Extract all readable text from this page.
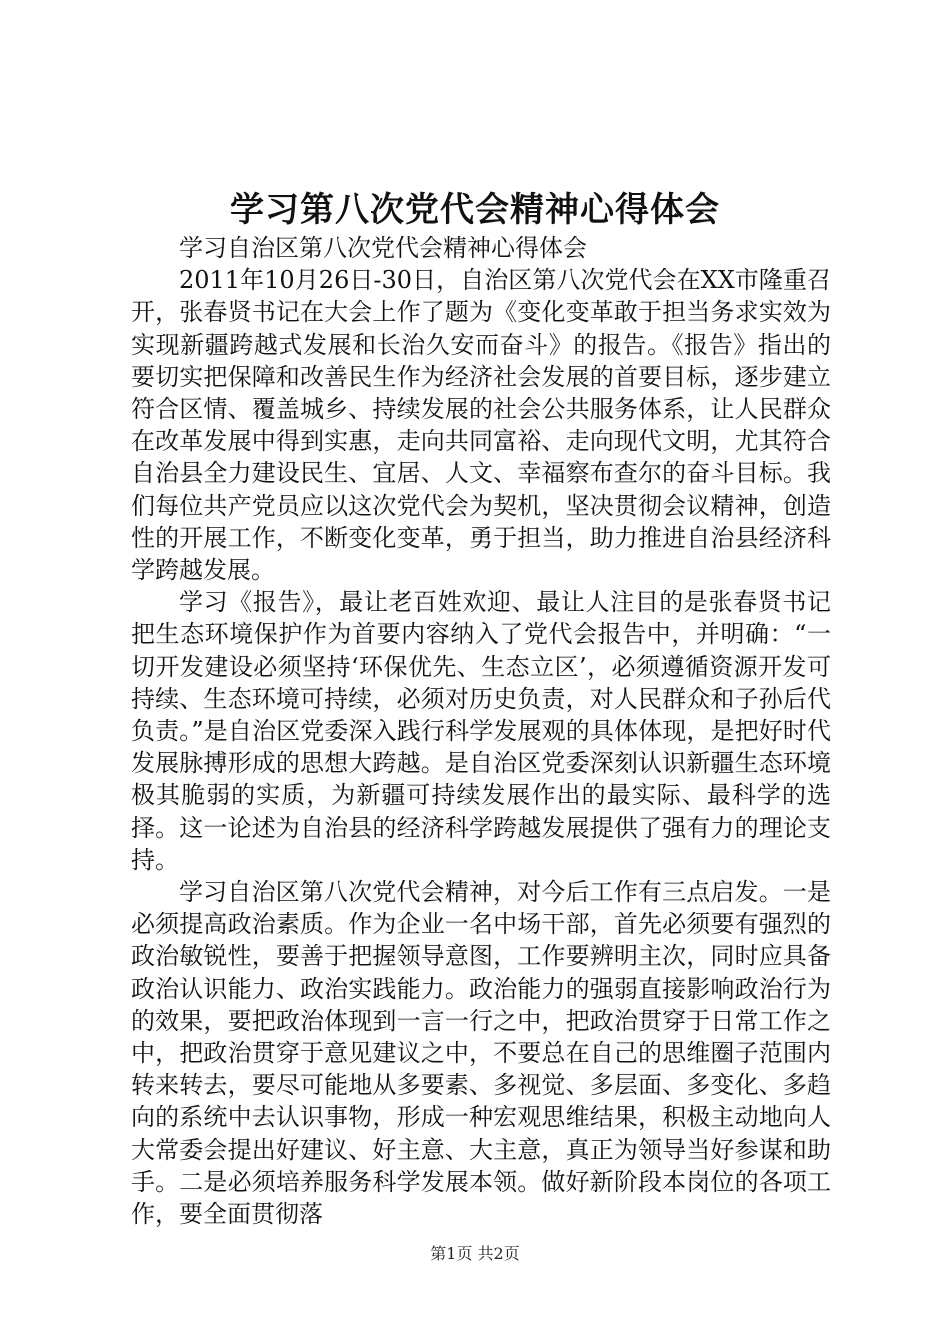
学习第八次党代会精神心得体会

学习自治区第八次党代会精神心得体会

2011年10月26日-30日，自治区第八次党代会在XX市隆重召开，张春贤书记在大会上作了题为《变化变革敢于担当务求实效为实现新疆跨越式发展和长治久安而奋斗》的报告。《报告》指出的要切实把保障和改善民生作为经济社会发展的首要目标，逐步建立符合区情、覆盖城乡、持续发展的社会公共服务体系，让人民群众在改革发展中得到实惠，走向共同富裕、走向现代文明，尤其符合自治县全力建设民生、宜居、人文、幸福察布查尔的奋斗目标。我们每位共产党员应以这次党代会为契机，坚决贯彻会议精神，创造性的开展工作，不断变化变革，勇于担当，助力推进自治县经济科学跨越发展。

学习《报告》，最让老百姓欢迎、最让人注目的是张春贤书记把生态环境保护作为首要内容纳入了党代会报告中，并明确：“一切开发建设必须坚持‘环保优先、生态立区’，必须遵循资源开发可持续、生态环境可持续，必须对历史负责，对人民群众和子孙后代负责。”是自治区党委深入践行科学发展观的具体体现，是把好时代发展脉搏形成的思想大跨越。是自治区党委深刻认识新疆生态环境极其脆弱的实质，为新疆可持续发展作出的最实际、最科学的选择。这一论述为自治县的经济科学跨越发展提供了强有力的理论支持。

学习自治区第八次党代会精神，对今后工作有三点启发。一是必须提高政治素质。作为企业一名中场干部，首先必须要有强烈的政治敏锐性，要善于把握领导意图，工作要辨明主次，同时应具备政治认识能力、政治实践能力。政治能力的强弱直接影响政治行为的效果，要把政治体现到一言一行之中，把政治贯穿于日常工作之中，把政治贯穿于意见建议之中，不要总在自己的思维圈子范围内转来转去，要尽可能地从多要素、多视觉、多层面、多变化、多趋向的系统中去认识事物，形成一种宏观思维结果，积极主动地向人大常委会提出好建议、好主意、大主意，真正为领导当好参谋和助手。二是必须培养服务科学发展本领。做好新阶段本岗位的各项工作，要全面贯彻落

第1页 共2页
